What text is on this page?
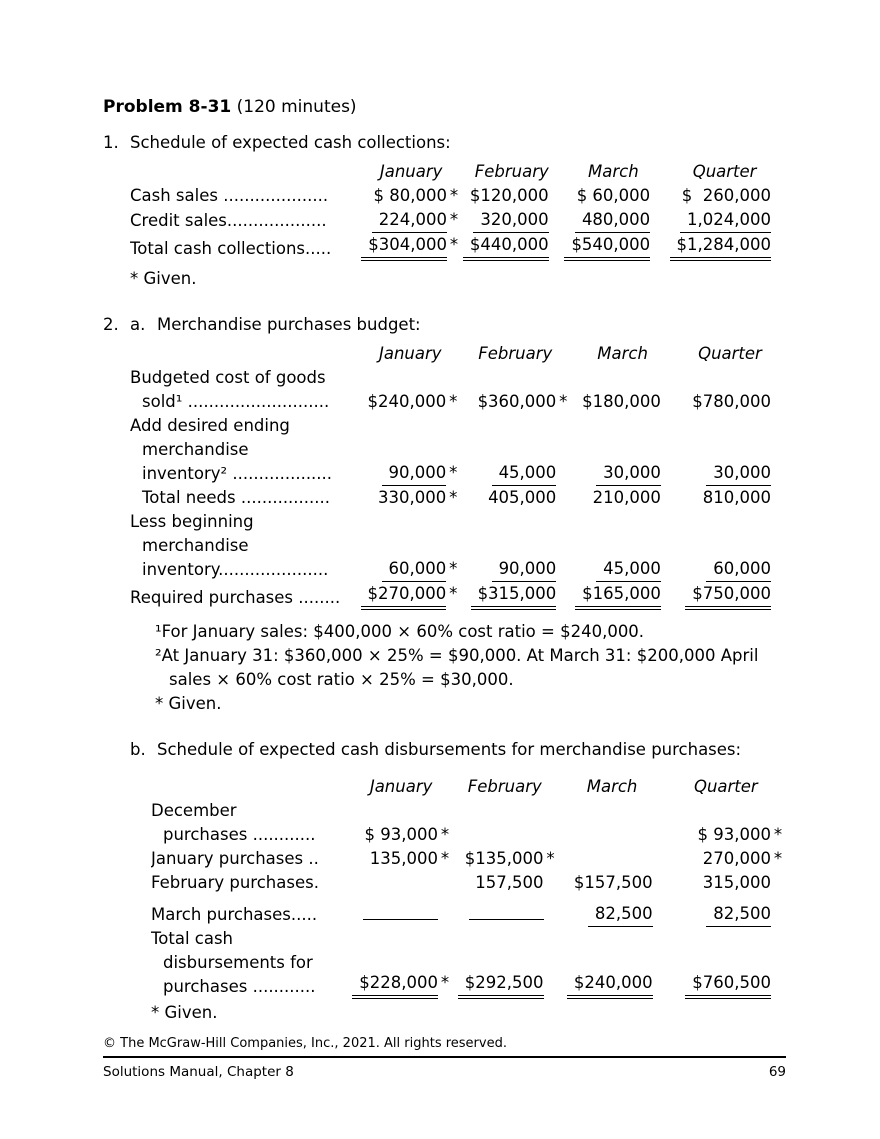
Problem 8-31 (120 minutes)
1. Schedule of expected cash collections:
	January	February	March	Quarter
Cash sales ....................	$ 80,000 *	$120,000	$ 60,000	$  260,000
Credit sales...................	224,000 *	320,000	480,000	1,024,000
Total cash collections.....	$304,000 *	$440,000	$540,000	$1,284,000
* Given.
2. a. Merchandise purchases budget:
	January	February	March	Quarter

Budgeted cost of goods
sold¹ ...........................	$240,000 *	$360,000 *	$180,000	$780,000

Add desired ending
merchandise
inventory² ...................	90,000 *	45,000	30,000	30,000

Total needs .................	330,000 *	405,000	210,000	810,000

Less beginning
merchandise
inventory.....................	60,000 *	90,000	45,000	60,000

Required purchases ........	$270,000 *	$315,000	$165,000	$750,000
¹For January sales: $400,000 × 60% cost ratio = $240,000.
²At January 31: $360,000 × 25% = $90,000. At March 31: $200,000 April sales × 60% cost ratio × 25% = $30,000.
* Given.
b. Schedule of expected cash disbursements for merchandise purchases:
	January	February	March	Quarter

December
purchases ............	$ 93,000 *			$ 93,000 *

January purchases ..	135,000 *	$135,000 *		270,000 *

February purchases.		157,500	$157,500	315,000

March purchases.....			82,500	82,500

Total cash
disbursements for
purchases ............	$228,000 *	$292,500	$240,000	$760,500
* Given.
© The McGraw-Hill Companies, Inc., 2021. All rights reserved.
Solutions Manual, Chapter 8	69
